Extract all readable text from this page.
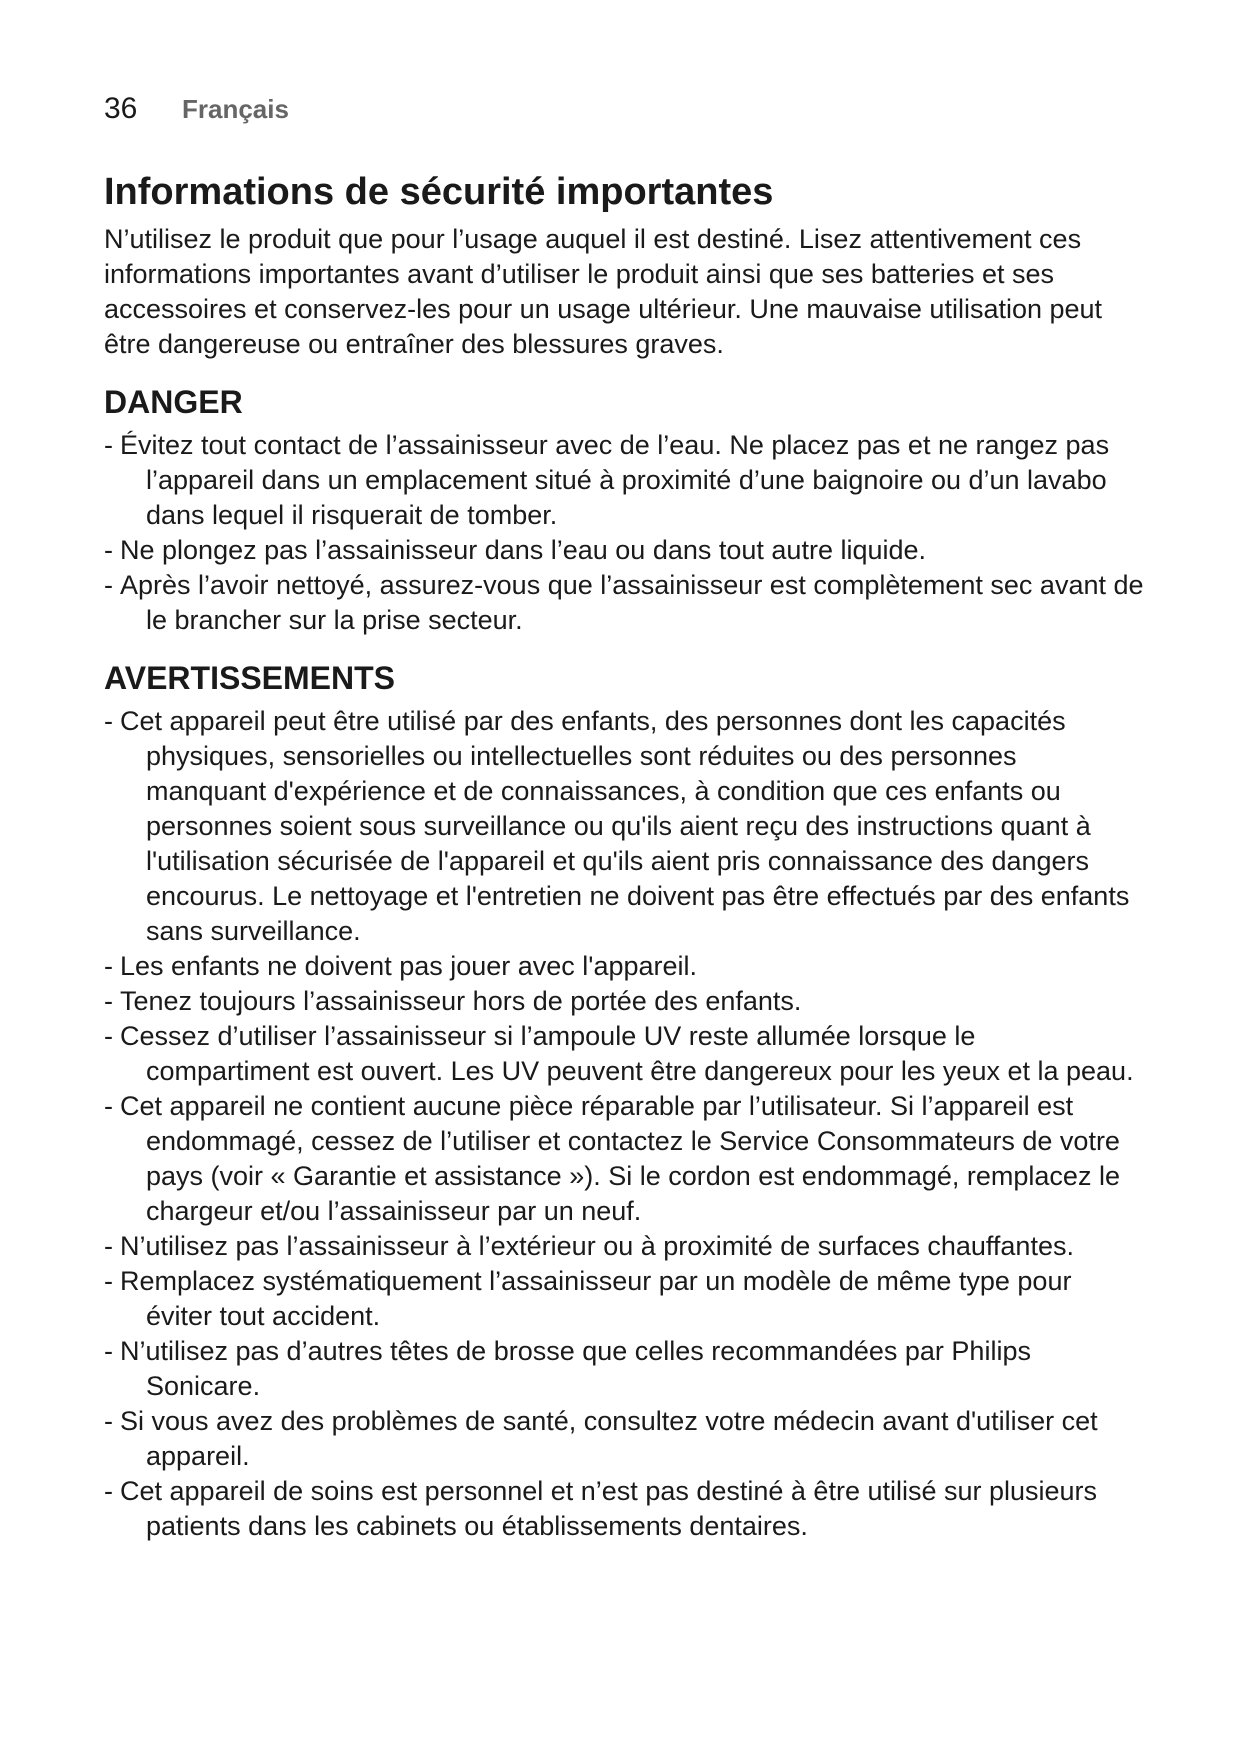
36	Français
Informations de sécurité importantes

N’utilisez le produit que pour l’usage auquel il est destiné. Lisez attentivement ces informations importantes avant d’utiliser le produit ainsi que ses batteries et ses accessoires et conservez-les pour un usage ultérieur. Une mauvaise utilisation peut être dangereuse ou entraîner des blessures graves.

DANGER
- Évitez tout contact de l’assainisseur avec de l’eau. Ne placez pas et ne rangez pas l’appareil dans un emplacement situé à proximité d’une baignoire ou d’un lavabo dans lequel il risquerait de tomber.
- Ne plongez pas l’assainisseur dans l’eau ou dans tout autre liquide.
- Après l’avoir nettoyé, assurez-vous que l’assainisseur est complètement sec avant de le brancher sur la prise secteur.
AVERTISSEMENTS
- Cet appareil peut être utilisé par des enfants, des personnes dont les capacités physiques, sensorielles ou intellectuelles sont réduites ou des personnes manquant d'expérience et de connaissances, à condition que ces enfants ou personnes soient sous surveillance ou qu'ils aient reçu des instructions quant à l'utilisation sécurisée de l'appareil et qu'ils aient pris connaissance des dangers encourus. Le nettoyage et l'entretien ne doivent pas être effectués par des enfants sans surveillance.
- Les enfants ne doivent pas jouer avec l'appareil.
- Tenez toujours l’assainisseur hors de portée des enfants.
- Cessez d’utiliser l’assainisseur si l’ampoule UV reste allumée lorsque le compartiment est ouvert. Les UV peuvent être dangereux pour les yeux et la peau.
- Cet appareil ne contient aucune pièce réparable par l’utilisateur. Si l’appareil est endommagé, cessez de l’utiliser et contactez le Service Consommateurs de votre pays (voir « Garantie et assistance »). Si le cordon est endommagé, remplacez le chargeur et/ou l’assainisseur par un neuf.
- N’utilisez pas l’assainisseur à l’extérieur ou à proximité de surfaces chauffantes.
- Remplacez systématiquement l’assainisseur par un modèle de même type pour éviter tout accident.
- N’utilisez pas d’autres têtes de brosse que celles recommandées par Philips Sonicare.
- Si vous avez des problèmes de santé, consultez votre médecin avant d'utiliser cet appareil.
- Cet appareil de soins est personnel et n’est pas destiné à être utilisé sur plusieurs patients dans les cabinets ou établissements dentaires.
